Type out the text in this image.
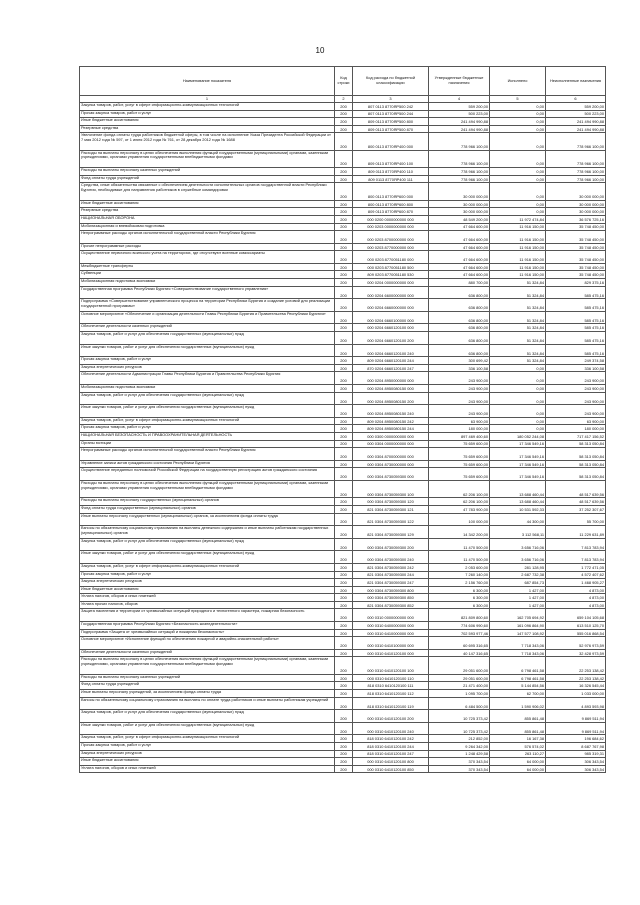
10
Наименование показателя	Код строки	Код расхода по бюджетной классификации	Утвержденные бюджетные назначения	Исполнено	Неисполненные назначения
1	2	3	4	5	6
Закупка товаров, работ, услуг в сфере информационно-коммуникационных технологий	200	807 0113 8770ЯР500 242	559 200,00	0,00	559 200,00
Прочая закупка товаров, работ и услуг	200	807 0113 8770ЯР500 244	500 223,00	0,00	500 223,00
Иные бюджетные ассигнования	200	809 0113 8770ЯР500 800	241 494 990,88	0,00	241 494 990,88
Резервные средства	200	809 0113 8770ЯР500 870	241 494 990,88	0,00	241 494 990,88
Увеличение фонда оплаты труда работников бюджетной сферы, в том числе на исполнение Указа Президента Российской Федерации от 7 мая 2012 года № 597, от 1 июня 2012 года № 761, от 28 декабря 2012 года № 1688	200	800 0113 8770ЯР400 000	778 966 100,00	0,00	778 966 100,00
Расходы на выплаты персоналу в целях обеспечения выполнения функций государственными (муниципальными) органами, казенными учреждениями, органами управления государственными внебюджетными фондами	200	809 0113 8770ЯР400 100	778 966 100,00	0,00	778 966 100,00
Расходы на выплаты персоналу казенных учреждений	200	809 0113 8770ЯР400 110	778 966 100,00	0,00	778 966 100,00
Фонд оплаты труда учреждений	200	809 0113 8770ЯР400 111	778 966 100,00	0,00	778 966 100,00
Средства, иные обязательства связанные с обеспечением деятельности исполнительных органов государственной власти Республики Бурятия, необходимые для направления работников в служебные командировки	200	800 0113 8770ЯР600 000	30 000 000,00	0,00	30 000 000,00
Иные бюджетные ассигнования	200	800 0113 8770ЯР600 800	30 000 000,00	0,00	30 000 000,00
Резервные средства	200	809 0113 8770ЯР600 870	30 000 000,00	0,00	30 000 000,00
НАЦИОНАЛЬНАЯ ОБОРОНА	200	000 0200 0000000000 000	48 549 200,00	11 972 474,84	36 576 725,16
Мобилизационная и вневойсковая подготовка	200	000 0203 0000000000 000	47 664 600,00	11 916 150,00	35 748 450,00
Непрограммные расходы органов исполнительной государственной власти Республики Бурятия	200	000 0203 8700000000 000	47 664 600,00	11 916 150,00	35 748 450,00
Прочие непрограммные расходы	200	000 0203 8770000000 000	47 664 600,00	11 916 150,00	35 748 450,00
Осуществление первичного воинского учета на территориях, где отсутствуют военные комиссариаты	200	000 0203 8770051180 000	47 664 600,00	11 916 150,00	35 748 450,00
Межбюджетные трансферты	200	000 0203 8770051180 500	47 664 600,00	11 916 150,00	35 748 450,00
Субвенции	200	809 0203 8770051180 530	47 664 600,00	11 916 150,00	35 748 450,00
Мобилизационная подготовка экономики	200	000 0204 0000000000 000	880 700,00	51 324,84	829 375,16
Государственная программа Республики Бурятия «Совершенствование государственного управления»	200	000 0204 6600000000 000	636 800,00	51 324,84	585 475,16
Подпрограмма «Совершенствование управленческого процесса на территории Республики Бурятия и создание условий для реализации государственной программы»	200	000 0204 6660000000 000	636 800,00	51 324,84	585 475,16
Основное мероприятие «Обеспечение и организация деятельности Главы Республики Бурятия и Правительства Республики Бурятия»	200	000 0204 6660100000 000	636 800,00	51 324,84	585 475,16
Обеспечение деятельности казенных учреждений	200	000 0204 6660120100 000	636 800,00	51 324,84	585 475,16
Закупка товаров, работ и услуг для обеспечения государственных (муниципальных) нужд	200	000 0204 6660120100 200	636 800,00	51 324,84	585 475,16
Иные закупки товаров, работ и услуг для обеспечения государственных (муниципальных) нужд	200	000 0204 6660120100 240	636 800,00	51 324,84	585 475,16
Прочая закупка товаров, работ и услуг	200	809 0204 6660120100 244	300 699,42	51 324,84	249 374,58
Закупка энергетических ресурсов	200	870 0204 6660120100 247	336 100,58	0,00	336 100,58
Обеспечение деятельности Администрации Главы Республики Бурятия и Правительства Республики Бурятия	200	000 0204 8950000000 000	243 900,00	0,00	243 900,00
Мобилизационная подготовка экономики	200	000 0204 8950080150 000	243 900,00	0,00	243 900,00
Закупка товаров, работ и услуг для обеспечения государственных (муниципальных) нужд	200	000 0204 8950080150 200	243 900,00	0,00	243 900,00
Иные закупки товаров, работ и услуг для обеспечения государственных (муниципальных) нужд	200	000 0204 8950080150 240	243 900,00	0,00	243 900,00
Закупка товаров, работ, услуг в сфере информационно-коммуникационных технологий	200	809 0204 8950080150 242	63 900,00	0,00	63 900,00
Прочая закупка товаров, работ и услуг	200	809 0204 8950080150 244	180 000,00	0,00	180 000,00
НАЦИОНАЛЬНАЯ БЕЗОПАСНОСТЬ И ПРАВООХРАНИТЕЛЬНАЯ ДЕЯТЕЛЬНОСТЬ	200	000 0300 0000000000 000	897 469 400,60	180 052 244,08	717 417 156,52
Органы юстиции	200	000 0304 0000000000 000	75 659 600,00	17 346 549,16	58 313 050,84
Непрограммные расходы органов исполнительной государственной власти Республики Бурятия	200	000 0304 8700000000 000	75 659 600,00	17 346 549,16	58 313 050,84
Управление записи актов гражданского состояния Республики Бурятия	200	000 0304 8730000000 000	75 659 600,00	17 346 549,16	58 313 050,84
Осуществление переданных полномочий Российской Федерации на государственную регистрацию актов гражданского состояния	200	000 0304 8730059300 000	75 659 600,00	17 346 549,16	58 313 050,84
Расходы на выплаты персоналу в целях обеспечения выполнения функций государственными (муниципальными) органами, казенными учреждениями, органами управления государственными внебюджетными фондами	200	000 0304 8730059300 100	62 206 100,00	13 688 460,44	48 517 639,56
Расходы на выплаты персоналу государственных (муниципальных) органов	200	000 0304 8730059300 120	62 206 100,00	13 688 460,44	48 517 639,56
Фонд оплаты труда государственных (муниципальных) органов	200	821 0304 8730059300 121	47 783 900,00	10 531 592,33	37 252 307,67
Иные выплаты персоналу государственных (муниципальных) органов, за исключением фонда оплаты труда	200	821 0304 8730059300 122	100 000,00	44 300,00	55 700,00
Взносы по обязательному социальному страхованию на выплаты денежного содержания и иные выплаты работникам государственных (муниципальных) органов	200	821 0304 8730059300 129	14 342 200,00	3 112 568,11	11 229 631,89
Закупка товаров, работ и услуг для обеспечения государственных (муниципальных) нужд	200	000 0304 8730059300 200	11 470 500,00	3 656 716,06	7 813 783,94
Иные закупки товаров, работ и услуг для обеспечения государственных (муниципальных) нужд	200	000 0304 8730059300 240	11 470 500,00	3 656 716,06	7 813 783,94
Закупка товаров, работ, услуг в сфере информационно-коммуникационных технологий	200	821 0304 8730059300 242	2 053 600,00	281 128,95	1 772 471,05
Прочая закупка товаров, работ и услуг	200	821 0304 8730059300 244	7 260 140,00	2 687 732,38	4 572 407,62
Закупка энергетических ресурсов	200	821 0304 8730059300 247	2 156 760,00	687 854,73	1 468 905,27
Иные бюджетные ассигнования	200	000 0304 8730059300 800	6 300,00	1 427,00	4 873,00
Уплата налогов, сборов и иных платежей	200	000 0304 8730059300 850	6 300,00	1 427,00	4 873,00
Уплата прочих налогов, сборов	200	821 0304 8730059300 852	6 300,00	1 427,00	4 873,00
Защита населения и территории от чрезвычайных ситуаций природного и техногенного характера, пожарная безопасность	200	000 0310 0000000000 000	821 809 800,60	162 705 694,92	659 104 105,68
Государственная программа Республики Бурятия «Безопасность жизнедеятельности»	200	000 0310 6400000000 000	774 606 990,60	161 096 864,90	613 510 125,70
Подпрограмма «Защита от чрезвычайных ситуаций и пожарная безопасность»	200	000 0310 6410000000 000	702 593 977,46	147 577 108,92	555 016 868,54
Основное мероприятие «Исполнение функций по обеспечению пожарной и аварийно-спасательной работы»	200	000 0310 6410100000 000	60 695 316,65	7 718 343,06	52 976 973,59
Обеспечение деятельности казенных учреждений	200	000 0310 6410120100 000	40 147 316,65	7 718 343,06	32 428 973,59
Расходы на выплаты персоналу в целях обеспечения выполнения функций государственными (муниципальными) органами, казенными учреждениями, органами управления государственными внебюджетными фондами	200	000 0310 6410120100 100	29 051 600,00	6 798 461,58	22 253 138,42
Расходы на выплаты персоналу казенных учреждений	200	000 0310 6410120100 110	29 051 600,00	6 798 461,58	22 253 138,42
Фонд оплаты труда учреждений	200	818 0310 6410120100 111	21 471 400,00	5 144 854,56	16 326 545,44
Иные выплаты персоналу учреждений, за исключением фонда оплаты труда	200	818 0310 6410120100 112	1 095 700,00	62 700,00	1 033 000,00
Взносы по обязательному социальному страхованию на выплаты по оплате труда работников и иные выплаты работникам учреждений	200	818 0310 6410120100 119	6 484 500,00	1 590 906,02	4 893 593,98
Закупка товаров, работ и услуг для обеспечения государственных (муниципальных) нужд	200	000 0310 6410120100 200	10 725 373,42	855 861,48	9 869 511,94
Иные закупки товаров, работ и услуг для обеспечения государственных (муниципальных) нужд	200	000 0310 6410120100 240	10 725 373,42	855 861,48	9 869 511,94
Закупка товаров, работ, услуг в сфере информационно-коммуникационных технологий	200	818 0310 6410120100 242	212 852,00	16 167,38	196 684,62
Прочая закупка товаров, работ и услуг	200	818 0310 6410120100 244	9 264 342,00	576 574,02	8 687 767,98
Закупка энергетических ресурсов	200	818 0310 6410120100 247	1 248 429,58	263 110,27	985 319,31
Иные бюджетные ассигнования	200	000 0310 6410120100 800	370 343,54	64 000,00	306 343,54
Уплата налогов, сборов и иных платежей	200	000 0310 6410120100 850	370 343,54	64 000,00	306 343,54
